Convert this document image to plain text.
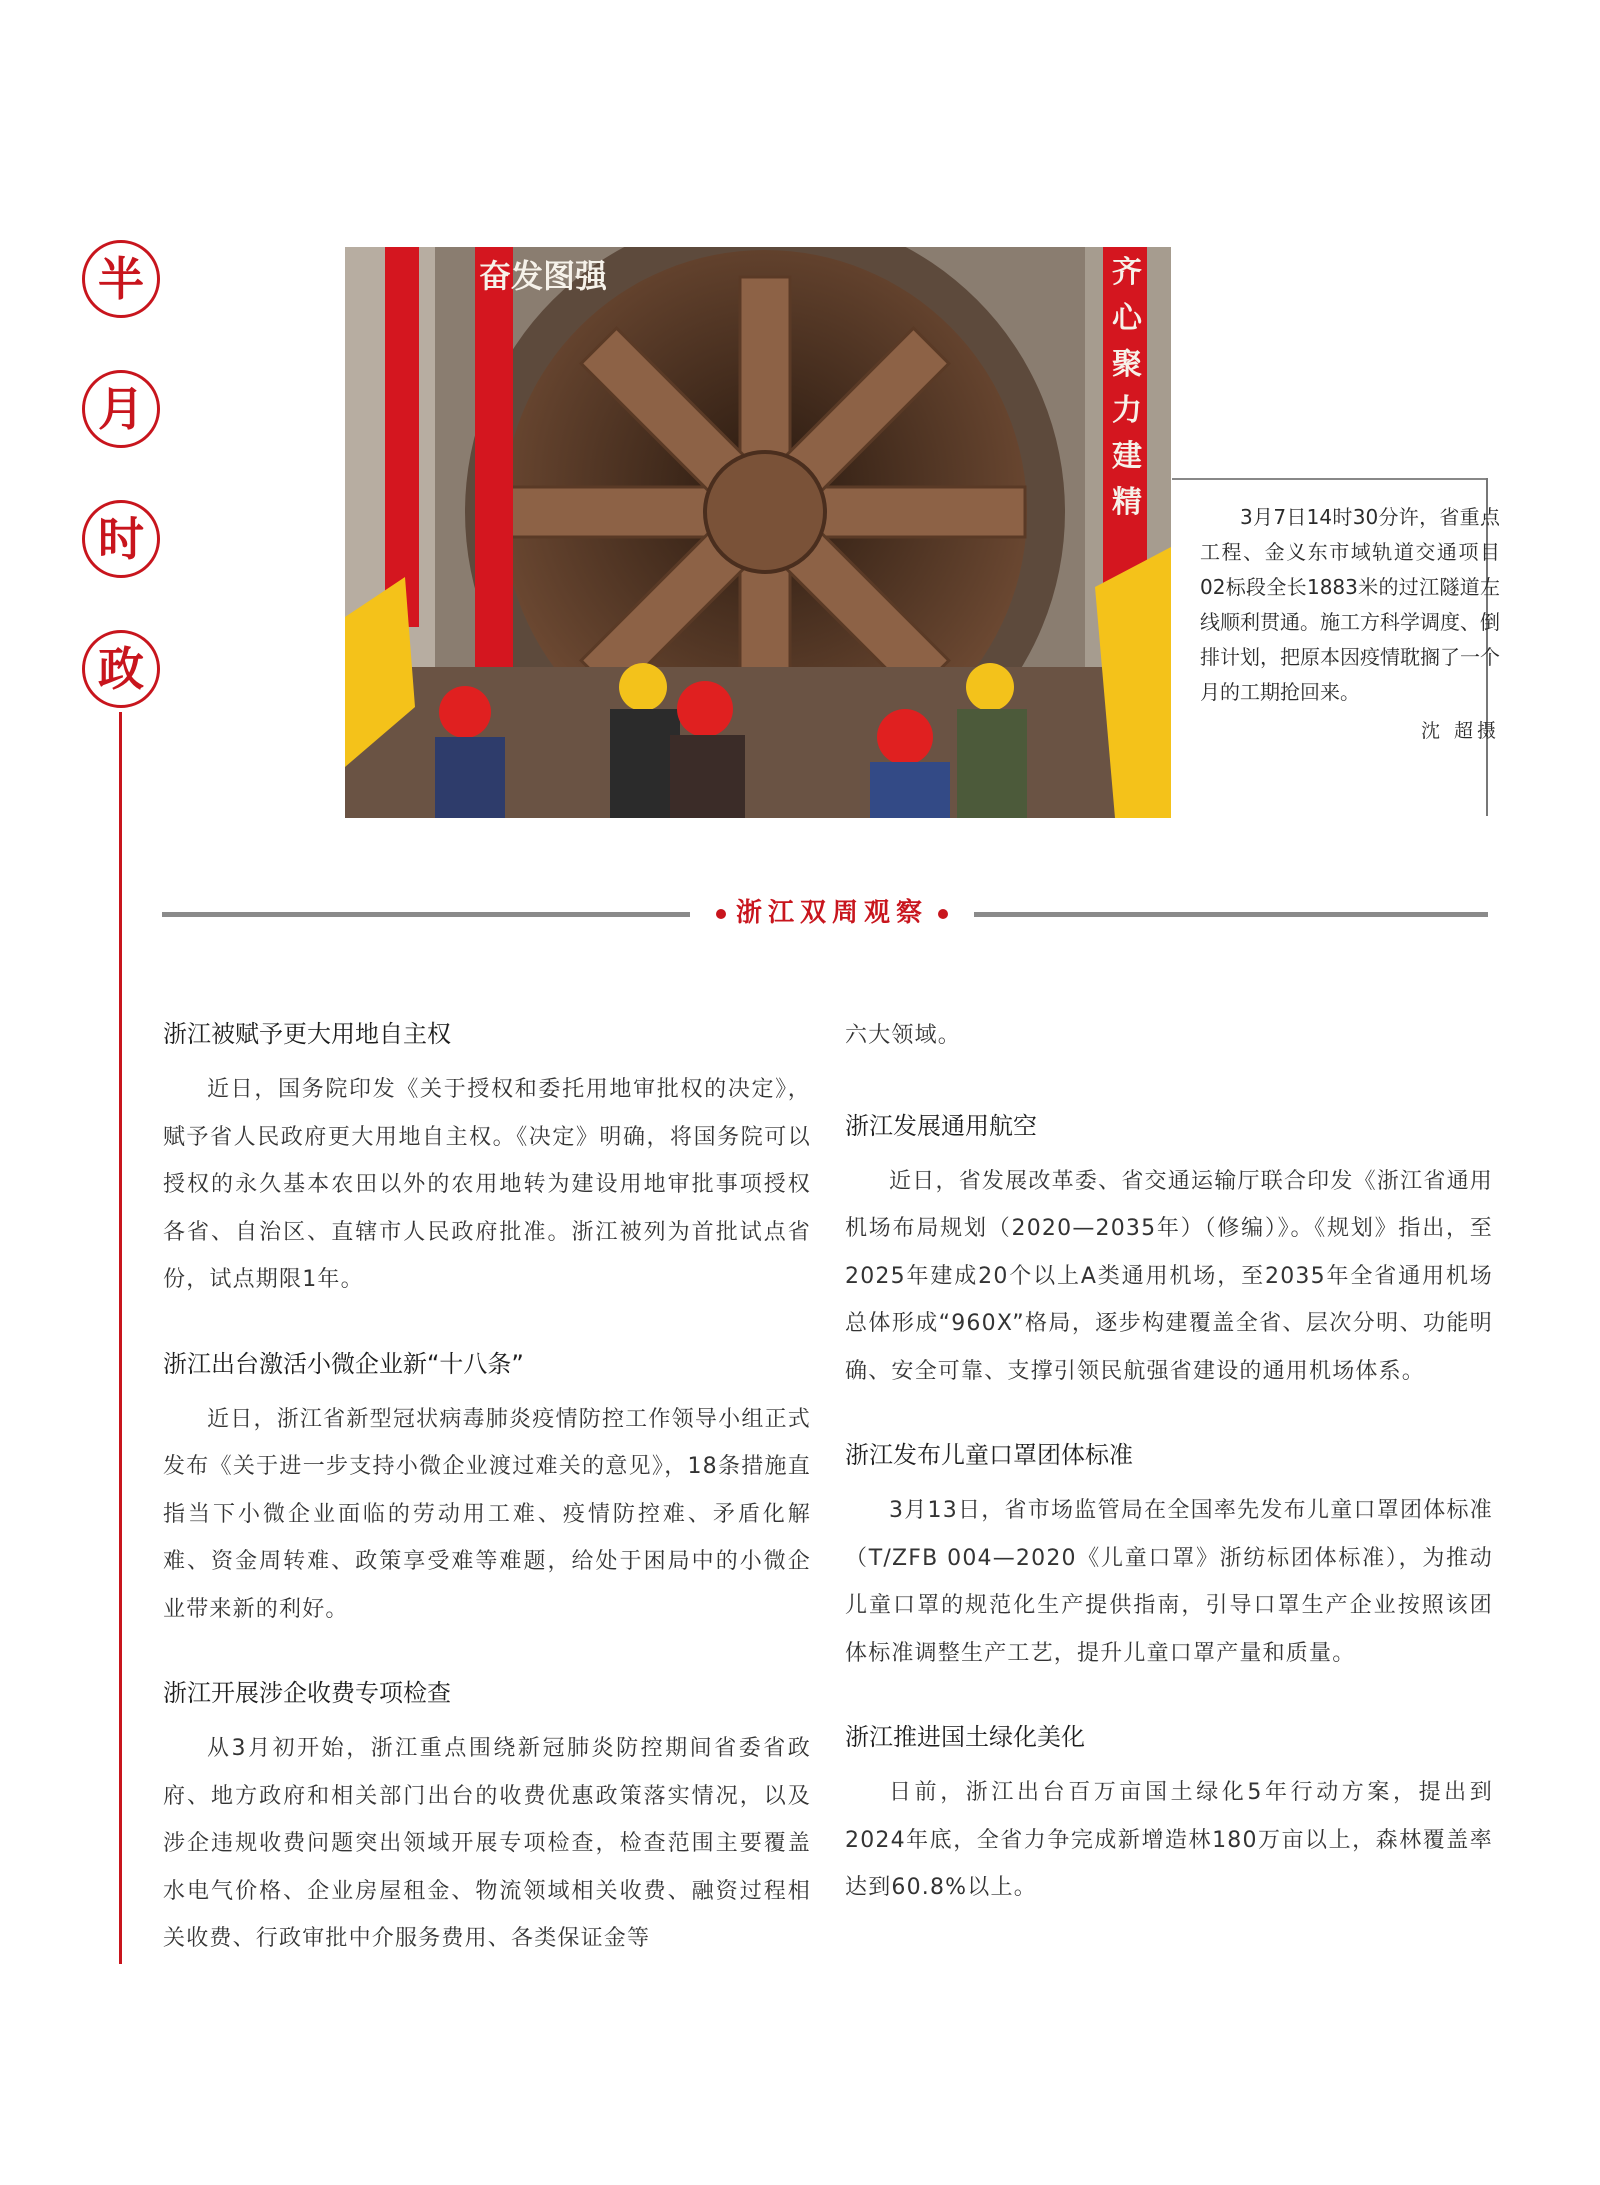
半
月
时
政
奋发图强

3月7日14时30分许，省重点工程、金义东市域轨道交通项目02标段全长1883米的过江隧道左线顺利贯通。施工方科学调度、倒排计划，把原本因疫情耽搁了一个月的工期抢回来。

沈 超摄
浙江双周观察
浙江被赋予更大用地自主权

近日，国务院印发《关于授权和委托用地审批权的决定》，赋予省人民政府更大用地自主权。《决定》明确，将国务院可以授权的永久基本农田以外的农用地转为建设用地审批事项授权各省、自治区、直辖市人民政府批准。浙江被列为首批试点省份，试点期限1年。

浙江出台激活小微企业新“十八条”

近日，浙江省新型冠状病毒肺炎疫情防控工作领导小组正式发布《关于进一步支持小微企业渡过难关的意见》，18条措施直指当下小微企业面临的劳动用工难、疫情防控难、矛盾化解难、资金周转难、政策享受难等难题，给处于困局中的小微企业带来新的利好。

浙江开展涉企收费专项检查

从3月初开始，浙江重点围绕新冠肺炎防控期间省委省政府、地方政府和相关部门出台的收费优惠政策落实情况，以及涉企违规收费问题突出领域开展专项检查，检查范围主要覆盖水电气价格、企业房屋租金、物流领域相关收费、融资过程相关收费、行政审批中介服务费用、各类保证金等

六大领域。
浙江发展通用航空

近日，省发展改革委、省交通运输厅联合印发《浙江省通用机场布局规划（2020—2035年）（修编）》。《规划》指出，至2025年建成20个以上A类通用机场，至2035年全省通用机场总体形成“960X”格局，逐步构建覆盖全省、层次分明、功能明确、安全可靠、支撑引领民航强省建设的通用机场体系。

浙江发布儿童口罩团体标准

3月13日，省市场监管局在全国率先发布儿童口罩团体标准（T/ZFB 004—2020《儿童口罩》浙纺标团体标准），为推动儿童口罩的规范化生产提供指南，引导口罩生产企业按照该团体标准调整生产工艺，提升儿童口罩产量和质量。

浙江推进国土绿化美化

日前，浙江出台百万亩国土绿化5年行动方案，提出到2024年底，全省力争完成新增造林180万亩以上，森林覆盖率达到60.8%以上。

齐心聚力建精
